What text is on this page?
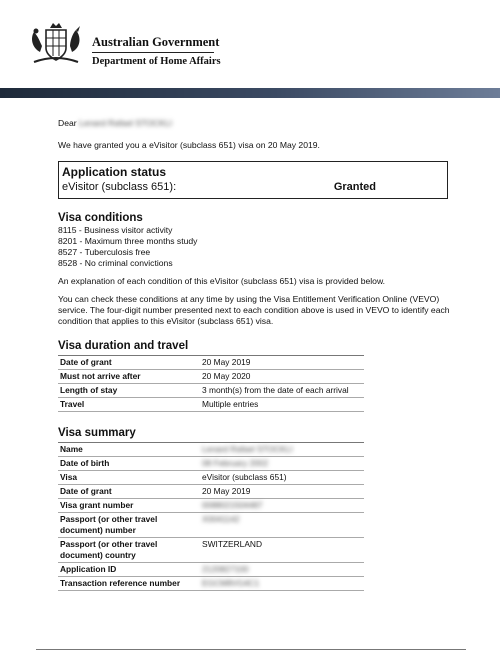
Australian Government
Department of Home Affairs

Dear Lenard Rafael STOCKLI

We have granted you a eVisitor (subclass 651) visa on 20 May 2019.

Application status
eVisitor (subclass 651):	Granted
Visa conditions
8115 - Business visitor activity
8201 - Maximum three months study
8527 - Tuberculosis free
8528 - No criminal convictions

An explanation of each condition of this eVisitor (subclass 651) visa is provided below.

You can check these conditions at any time by using the Visa Entitlement Verification Online (VEVO) service. The four-digit number presented next to each condition above is used in VEVO to identify each condition that applies to this eVisitor (subclass 651) visa.

Visa duration and travel
Date of grant	20 May 2019
Must not arrive after	20 May 2020
Length of stay	3 month(s) from the date of each arrival
Travel	Multiple entries
Visa summary
Name	Lenard Rafael STOCKLI
Date of birth	08 February 2002
Visa	eVisitor (subclass 651)
Date of grant	20 May 2019
Visa grant number	0088021504487
Passport (or other travel document) number	X0041142
Passport (or other travel document) country	SWITZERLAND
Application ID	2120827100
Transaction reference number	EGCM8VG4C1
